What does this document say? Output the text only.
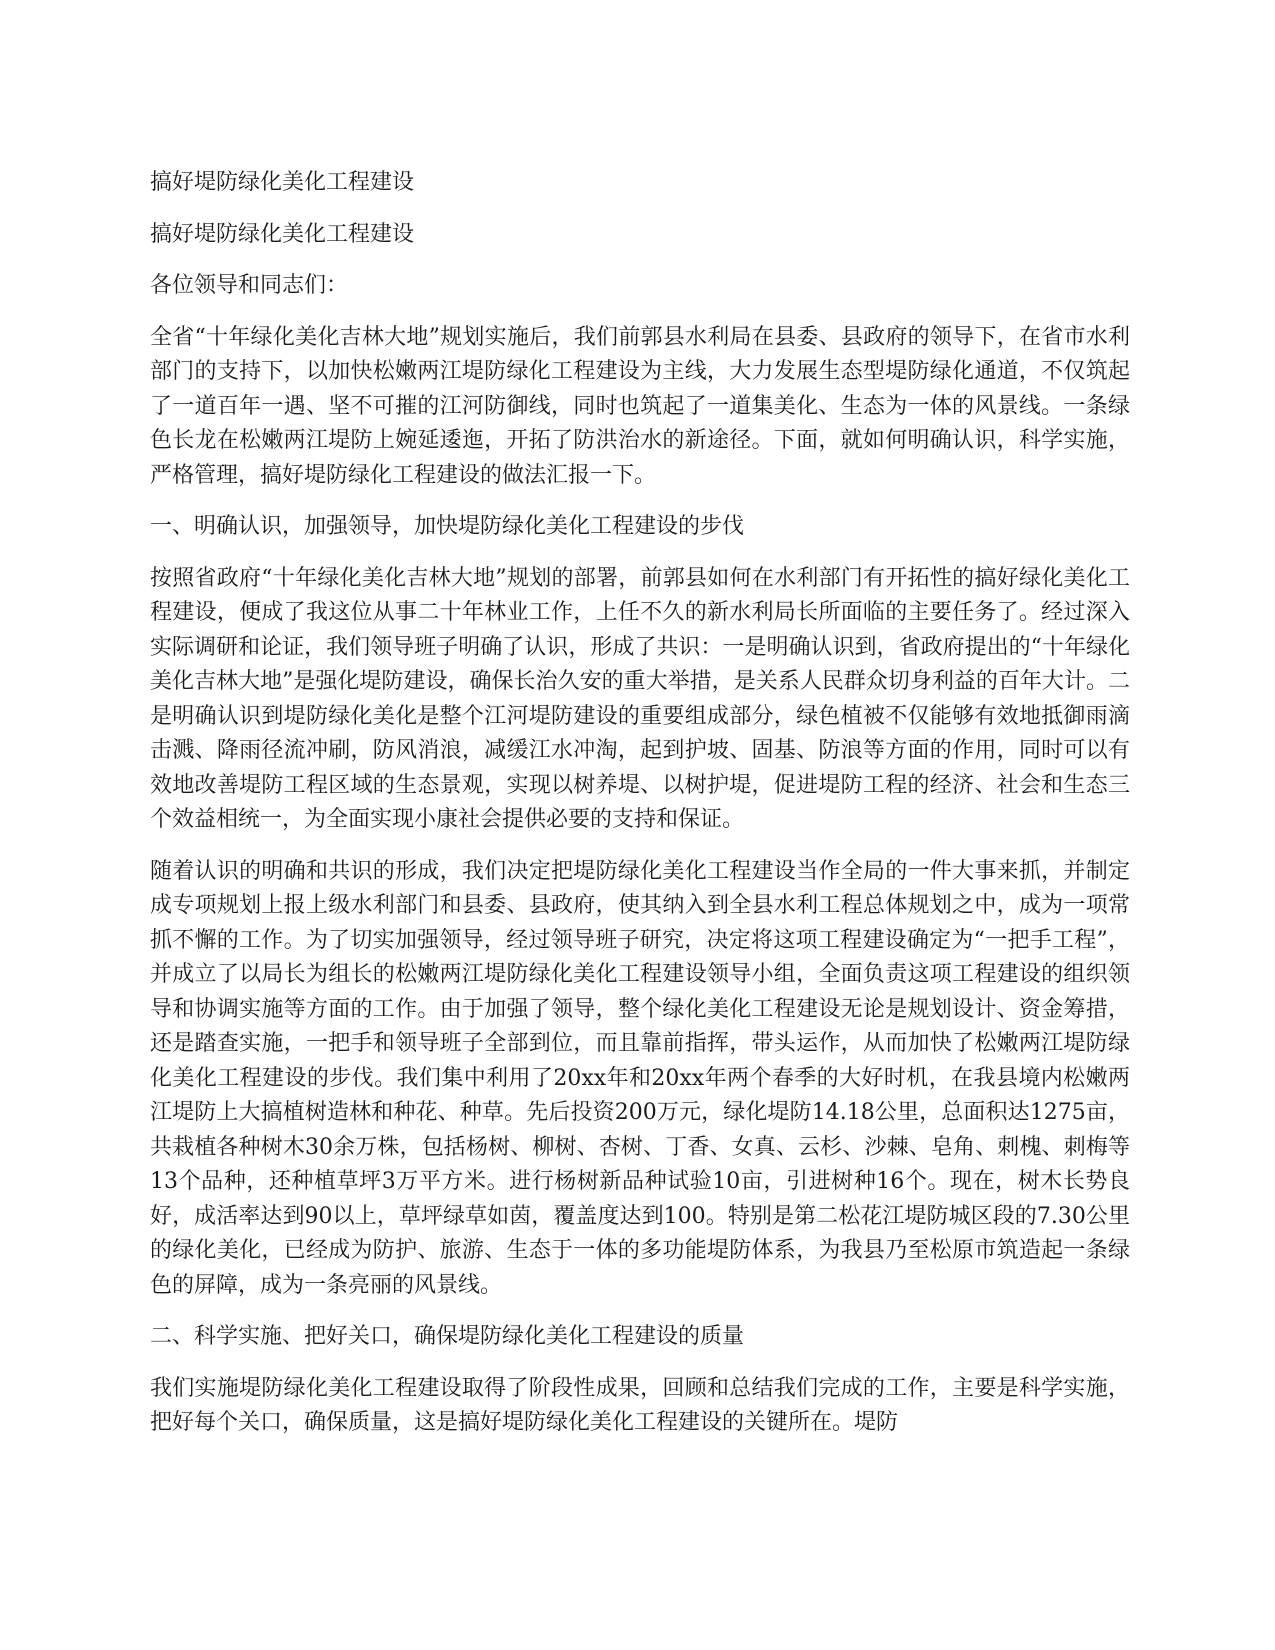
搞好堤防绿化美化工程建设

搞好堤防绿化美化工程建设

各位领导和同志们：

全省“十年绿化美化吉林大地”规划实施后，我们前郭县水利局在县委、县政府的领导下，在省市水利部门的支持下，以加快松嫩两江堤防绿化工程建设为主线，大力发展生态型堤防绿化通道，不仅筑起了一道百年一遇、坚不可摧的江河防御线，同时也筑起了一道集美化、生态为一体的风景线。一条绿色长龙在松嫩两江堤防上婉延逶迤，开拓了防洪治水的新途径。下面，就如何明确认识，科学实施，严格管理，搞好堤防绿化工程建设的做法汇报一下。

一、明确认识，加强领导，加快堤防绿化美化工程建设的步伐

按照省政府“十年绿化美化吉林大地”规划的部署，前郭县如何在水利部门有开拓性的搞好绿化美化工程建设，便成了我这位从事二十年林业工作，上任不久的新水利局长所面临的主要任务了。经过深入实际调研和论证，我们领导班子明确了认识，形成了共识：一是明确认识到，省政府提出的“十年绿化美化吉林大地”是强化堤防建设，确保长治久安的重大举措，是关系人民群众切身利益的百年大计。二是明确认识到堤防绿化美化是整个江河堤防建设的重要组成部分，绿色植被不仅能够有效地抵御雨滴击溅、降雨径流冲刷，防风消浪，减缓江水冲淘，起到护坡、固基、防浪等方面的作用，同时可以有效地改善堤防工程区域的生态景观，实现以树养堤、以树护堤，促进堤防工程的经济、社会和生态三个效益相统一，为全面实现小康社会提供必要的支持和保证。

随着认识的明确和共识的形成，我们决定把堤防绿化美化工程建设当作全局的一件大事来抓，并制定成专项规划上报上级水利部门和县委、县政府，使其纳入到全县水利工程总体规划之中，成为一项常抓不懈的工作。为了切实加强领导，经过领导班子研究，决定将这项工程建设确定为“一把手工程”，并成立了以局长为组长的松嫩两江堤防绿化美化工程建设领导小组，全面负责这项工程建设的组织领导和协调实施等方面的工作。由于加强了领导，整个绿化美化工程建设无论是规划设计、资金筹措，还是踏查实施，一把手和领导班子全部到位，而且靠前指挥，带头运作，从而加快了松嫩两江堤防绿化美化工程建设的步伐。我们集中利用了20xx年和20xx年两个春季的大好时机，在我县境内松嫩两江堤防上大搞植树造林和种花、种草。先后投资200万元，绿化堤防14.18公里，总面积达1275亩，共栽植各种树木30余万株，包括杨树、柳树、杏树、丁香、女真、云杉、沙棘、皂角、刺槐、刺梅等13个品种，还种植草坪3万平方米。进行杨树新品种试验10亩，引进树种16个。现在，树木长势良好，成活率达到90以上，草坪绿草如茵，覆盖度达到100。特别是第二松花江堤防城区段的7.30公里的绿化美化，已经成为防护、旅游、生态于一体的多功能堤防体系，为我县乃至松原市筑造起一条绿色的屏障，成为一条亮丽的风景线。

二、科学实施、把好关口，确保堤防绿化美化工程建设的质量

我们实施堤防绿化美化工程建设取得了阶段性成果，回顾和总结我们完成的工作，主要是科学实施，把好每个关口，确保质量，这是搞好堤防绿化美化工程建设的关键所在。堤防
